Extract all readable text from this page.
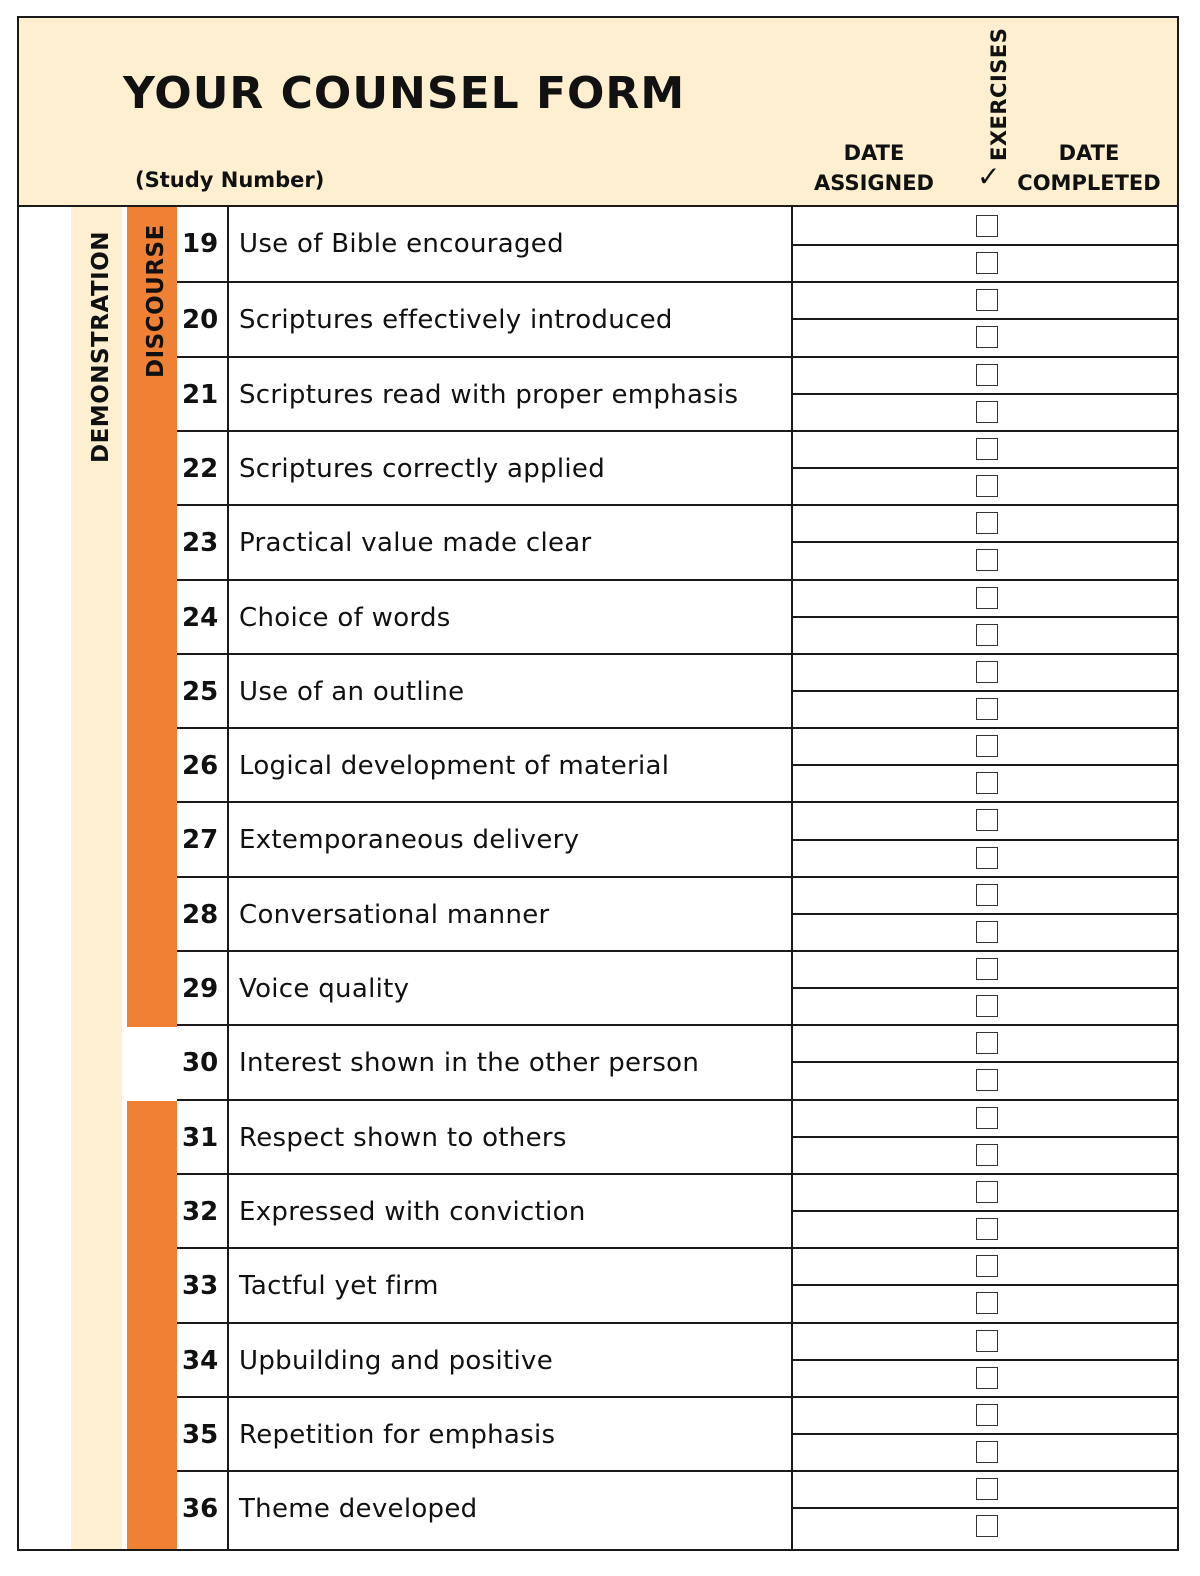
YOUR COUNSEL FORM
(Study Number)
DATE
ASSIGNED
EXERCISES
✓
DATE
COMPLETED
DEMONSTRATION DISCOURSE 19 Use of Bible encouraged
20 Scriptures effectively introduced
21 Scriptures read with proper emphasis
22 Scriptures correctly applied
23 Practical value made clear
24 Choice of words
25 Use of an outline
26 Logical development of material
27 Extemporaneous delivery
28 Conversational manner
29 Voice quality
30 Interest shown in the other person
31 Respect shown to others
32 Expressed with conviction
33 Tactful yet firm
34 Upbuilding and positive
35 Repetition for emphasis
36 Theme developed
